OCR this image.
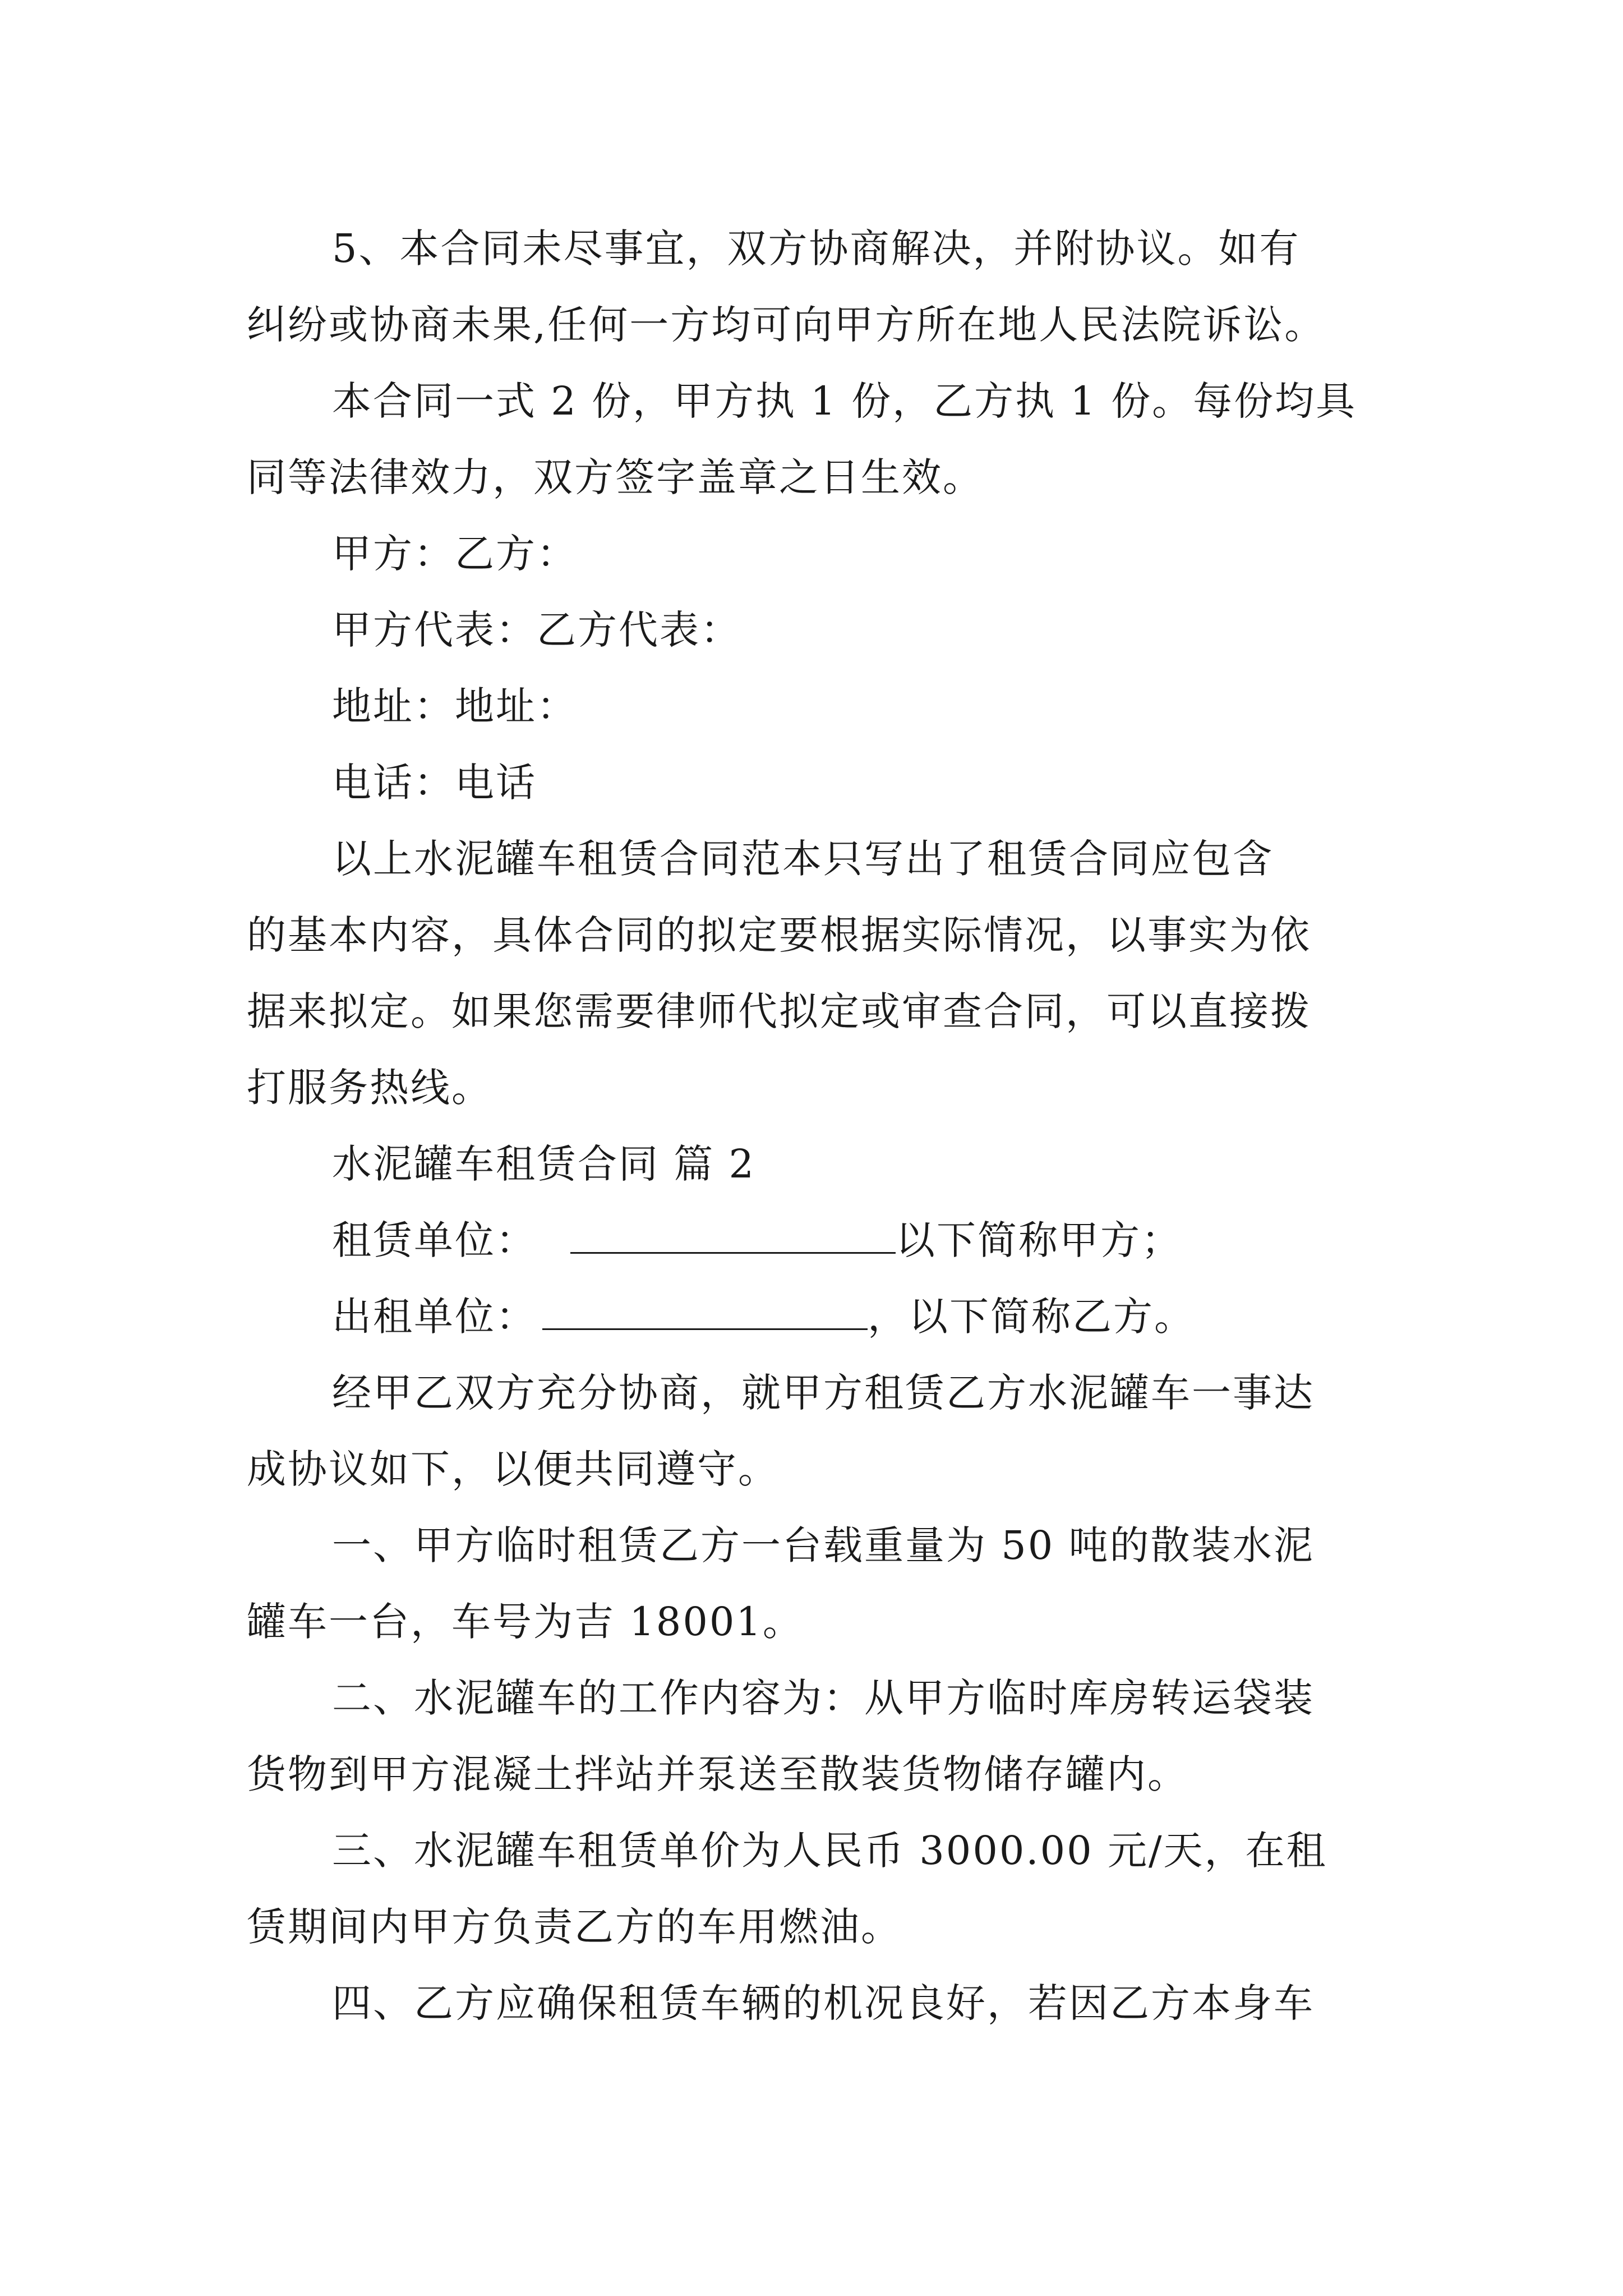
5、本合同未尽事宜，双方协商解决，并附协议。如有
纠纷或协商未果,任何一方均可向甲方所在地人民法院诉讼。
本合同一式 2 份，甲方执 1 份，乙方执 1 份。每份均具
同等法律效力，双方签字盖章之日生效。
甲方：乙方：
甲方代表：乙方代表：
地址：地址：
电话：电话
以上水泥罐车租赁合同范本只写出了租赁合同应包含
的基本内容，具体合同的拟定要根据实际情况，以事实为依
据来拟定。如果您需要律师代拟定或审查合同，可以直接拨
打服务热线。
水泥罐车租赁合同 篇 2
租赁单位：	以下简称甲方；
出租单位：	，以下简称乙方。
经甲乙双方充分协商，就甲方租赁乙方水泥罐车一事达
成协议如下，以便共同遵守。
一、甲方临时租赁乙方一台载重量为 50 吨的散装水泥
罐车一台，车号为吉 18001。
二、水泥罐车的工作内容为：从甲方临时库房转运袋装
货物到甲方混凝土拌站并泵送至散装货物储存罐内。
三、水泥罐车租赁单价为人民币 3000.00 元/天，在租
赁期间内甲方负责乙方的车用燃油。
四、乙方应确保租赁车辆的机况良好，若因乙方本身车
